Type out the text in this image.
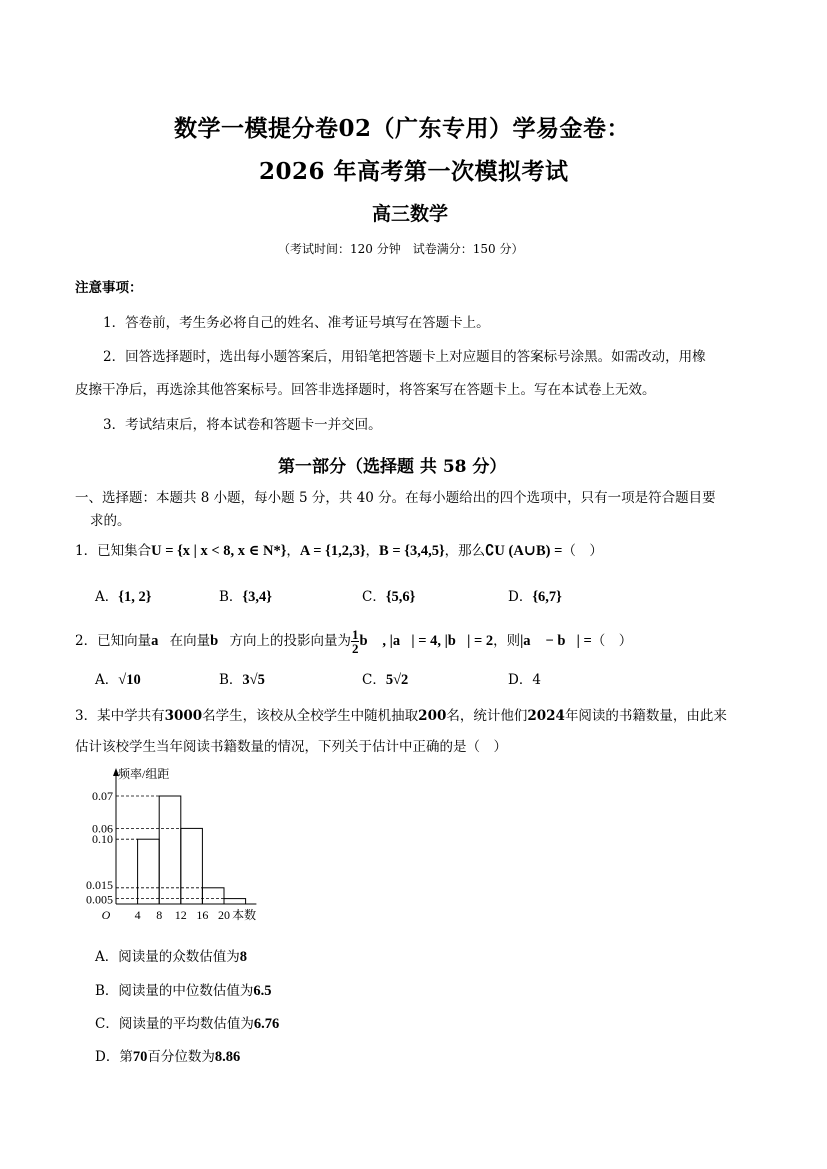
数学一模提分卷02（广东专用）学易金卷：
2026 年高考第一次模拟考试
高三数学
（考试时间：120 分钟　试卷满分：150 分）
注意事项：
1．答卷前，考生务必将自己的姓名、准考证号填写在答题卡上。
2．回答选择题时，选出每小题答案后，用铅笔把答题卡上对应题目的答案标号涂黑。如需改动，用橡
皮擦干净后，再选涂其他答案标号。回答非选择题时，将答案写在答题卡上。写在本试卷上无效。
3．考试结束后，将本试卷和答题卡一并交回。
第一部分（选择题 共 58 分）
一、选择题：本题共 8 小题，每小题 5 分，共 40 分。在每小题给出的四个选项中，只有一项是符合题目要
求的。
1．已知集合U = {x | x < 8, x ∈ N*}，A = {1,2,3}，B = {3,4,5}，那么∁U (A∪B) =（　）
A．{1, 2}	B．{3,4}	C．{5,6}	D．{6,7}
2．已知向量a⃗在向量b⃗方向上的投影向量为 $\frac{1}{2}$ b⃗ , |a⃗| = 4, |b⃗| = 2，则|a⃗ − b⃗| =（　）
A．√10	B．3√5	C．5√2	D．4
3．某中学共有3000名学生，该校从全校学生中随机抽取200名，统计他们2024年阅读的书籍数量，由此来
估计该校学生当年阅读书籍数量的情况，下列关于估计中正确的是（　）
0.10
0.07
0.06
0.015
0.005
4 8 12 16 20
O	本数
频率/组距
A．阅读量的众数估值为8
B．阅读量的中位数估值为6.5
C．阅读量的平均数估值为6.76
D．第70百分位数为8.86
